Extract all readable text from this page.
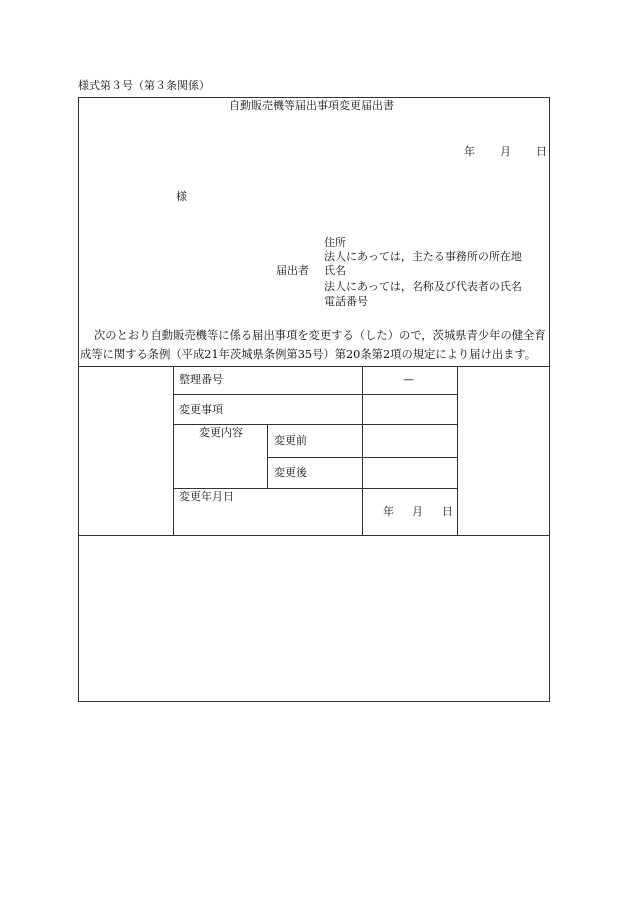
様式第３号（第３条関係）
自動販売機等届出事項変更届出書
年 月 日
様
住所
法人にあっては，主たる事務所の所在地
届出者 氏名
法人にあっては，名称及び代表者の氏名
電話番号
次のとおり自動販売機等に係る届出事項を変更する（した）ので，茨城県青少年の健全育
成等に関する条例（平成21年茨城県条例第35号）第20条第2項の規定により届け出ます。
整理番号	—
変更事項
変更内容
変更前
変更後
変更年月日
年 月 日
